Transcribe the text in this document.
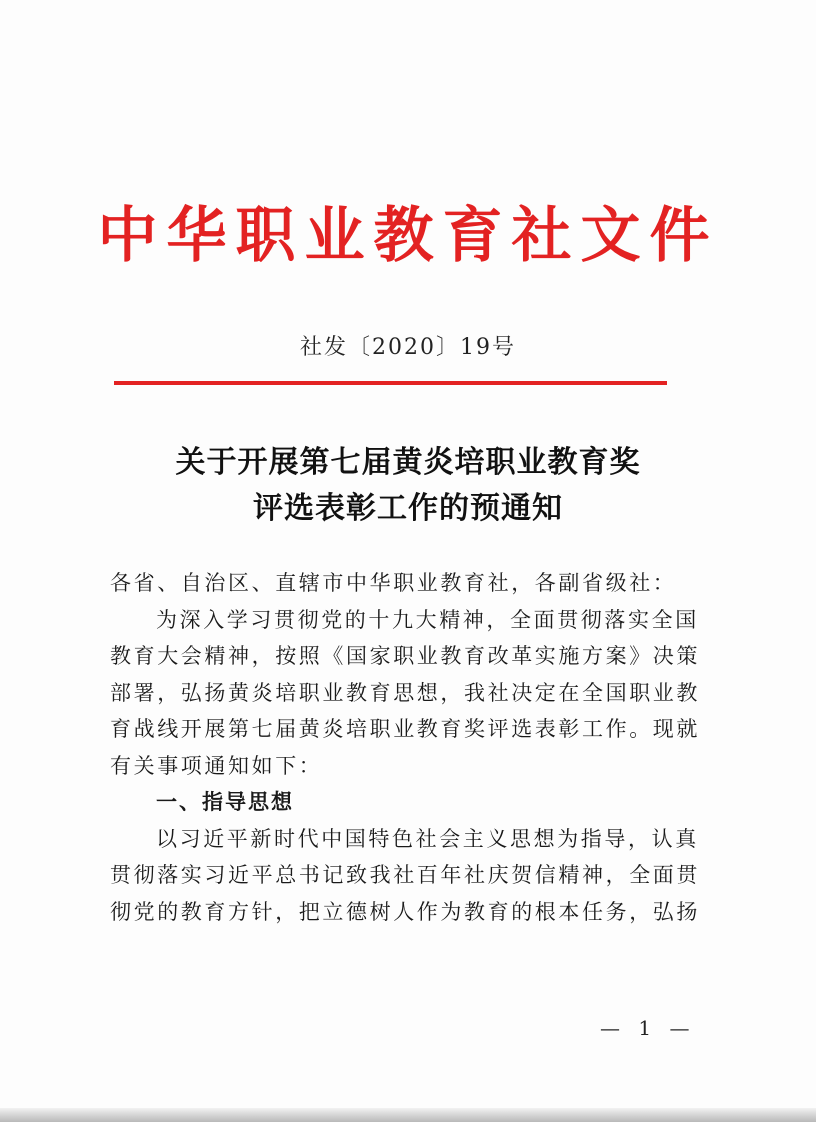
中华职业教育社文件
社发〔2020〕19号
关于开展第七届黄炎培职业教育奖
评选表彰工作的预通知

各省、自治区、直辖市中华职业教育社，各副省级社：

为深入学习贯彻党的十九大精神，全面贯彻落实全国

教育大会精神，按照《国家职业教育改革实施方案》决策

部署，弘扬黄炎培职业教育思想，我社决定在全国职业教

育战线开展第七届黄炎培职业教育奖评选表彰工作。现就

有关事项通知如下：

一、指导思想

以习近平新时代中国特色社会主义思想为指导，认真

贯彻落实习近平总书记致我社百年社庆贺信精神，全面贯

彻党的教育方针，把立德树人作为教育的根本任务，弘扬

— 1 —
